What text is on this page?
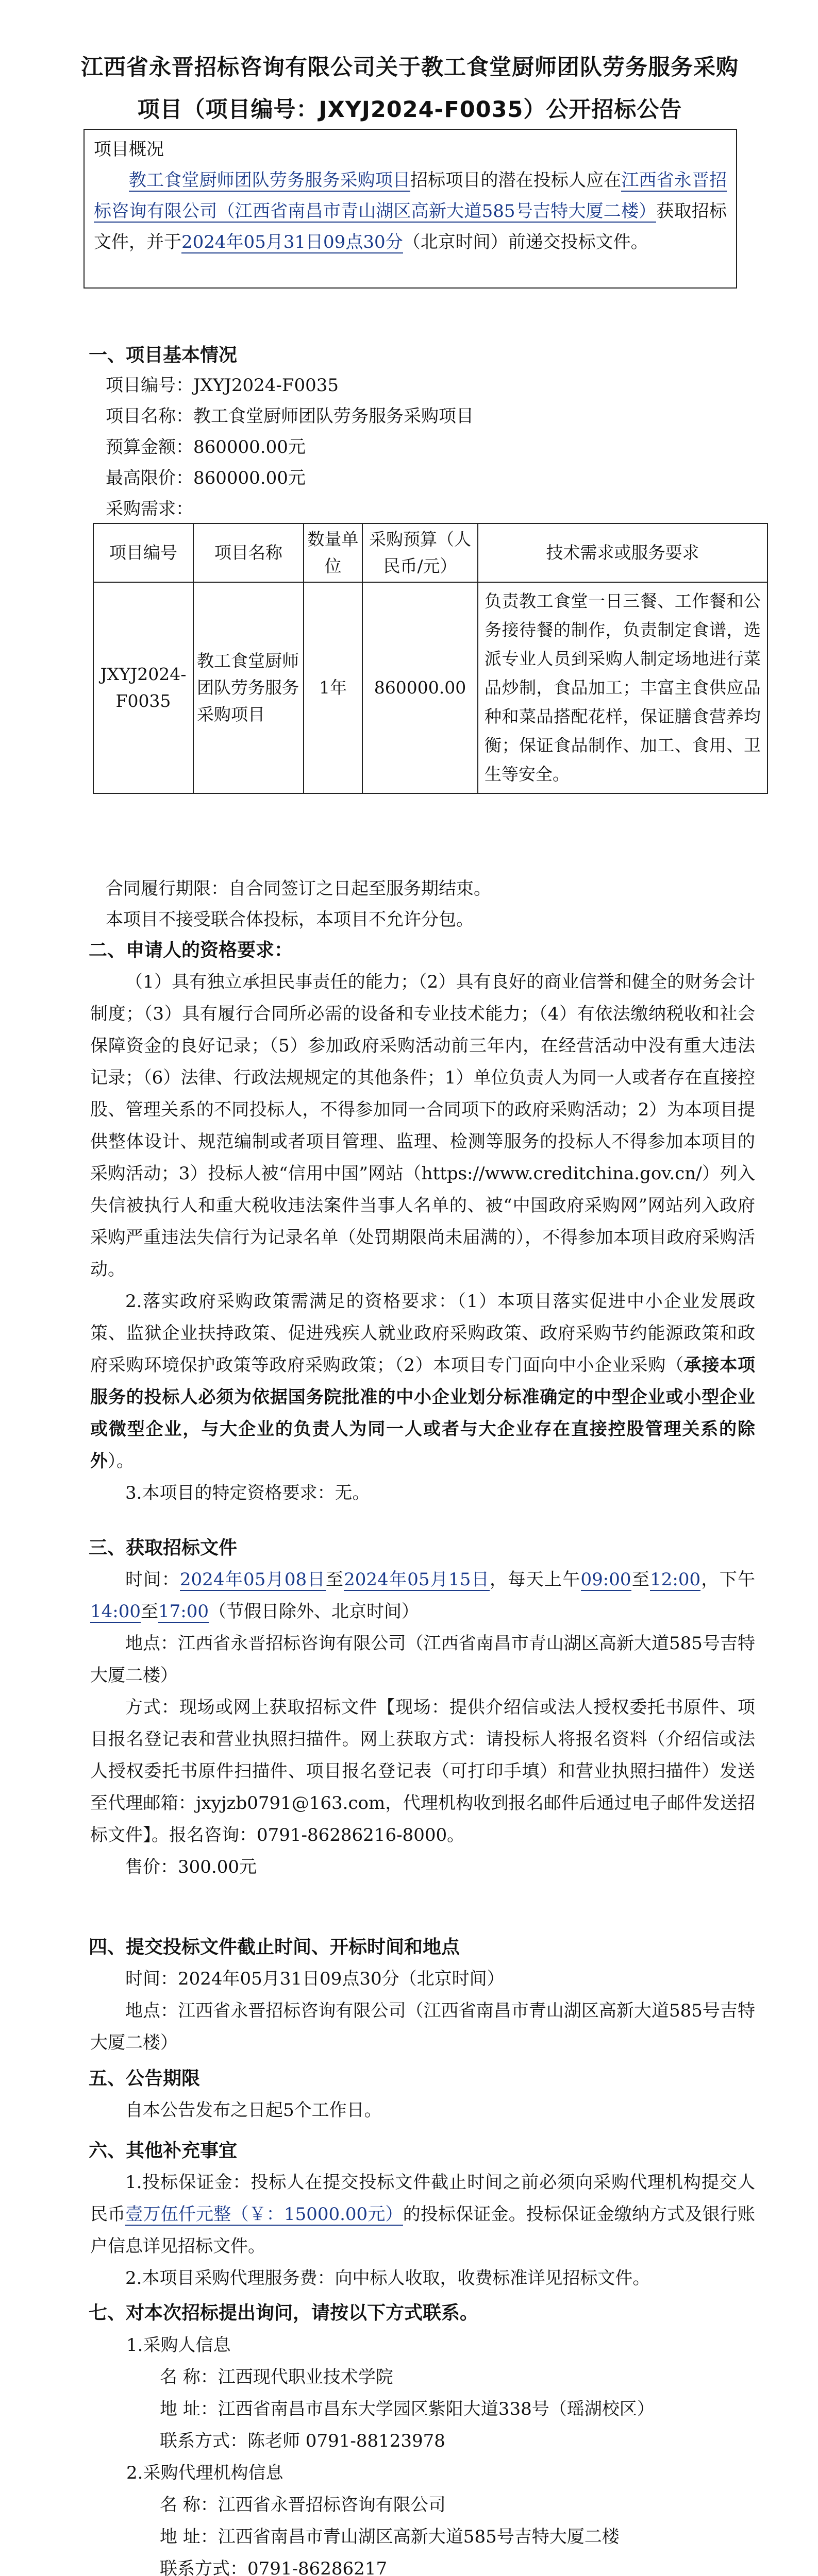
江西省永晋招标咨询有限公司关于教工食堂厨师团队劳务服务采购项目（项目编号：JXYJ2024-F0035）公开招标公告

项目概况

教工食堂厨师团队劳务服务采购项目招标项目的潜在投标人应在江西省永晋招标咨询有限公司（江西省南昌市青山湖区高新大道585号吉特大厦二楼）获取招标文件，并于2024年05月31日09点30分（北京时间）前递交投标文件。

一、项目基本情况
项目编号：JXYJ2024-F0035
项目名称：教工食堂厨师团队劳务服务采购项目
预算金额：860000.00元
最高限价：860000.00元
采购需求：
项目编号	项目名称	数量单位	采购预算（人民币/元）	技术需求或服务要求
JXYJ2024-F0035	教工食堂厨师团队劳务服务采购项目	1年	860000.00	负责教工食堂一日三餐、工作餐和公务接待餐的制作，负责制定食谱，选派专业人员到采购人制定场地进行菜品炒制，食品加工；丰富主食供应品种和菜品搭配花样，保证膳食营养均衡；保证食品制作、加工、食用、卫生等安全。
合同履行期限：自合同签订之日起至服务期结束。
本项目不接受联合体投标，本项目不允许分包。
二、申请人的资格要求：

（1）具有独立承担民事责任的能力；（2）具有良好的商业信誉和健全的财务会计制度；（3）具有履行合同所必需的设备和专业技术能力；（4）有依法缴纳税收和社会保障资金的良好记录；（5）参加政府采购活动前三年内，在经营活动中没有重大违法记录；（6）法律、行政法规规定的其他条件；1）单位负责人为同一人或者存在直接控股、管理关系的不同投标人，不得参加同一合同项下的政府采购活动；2）为本项目提供整体设计、规范编制或者项目管理、监理、检测等服务的投标人不得参加本项目的采购活动；3）投标人被“信用中国”网站（https://www.creditchina.gov.cn/）列入失信被执行人和重大税收违法案件当事人名单的、被“中国政府采购网”网站列入政府采购严重违法失信行为记录名单（处罚期限尚未届满的），不得参加本项目政府采购活动。

2.落实政府采购政策需满足的资格要求：（1）本项目落实促进中小企业发展政策、监狱企业扶持政策、促进残疾人就业政府采购政策、政府采购节约能源政策和政府采购环境保护政策等政府采购政策；（2）本项目专门面向中小企业采购（承接本项服务的投标人必须为依据国务院批准的中小企业划分标准确定的中型企业或小型企业或微型企业，与大企业的负责人为同一人或者与大企业存在直接控股管理关系的除外）。

3.本项目的特定资格要求：无。

三、获取招标文件

时间：2024年05月08日至2024年05月15日，每天上午09:00至12:00，下午14:00至17:00（节假日除外、北京时间）

地点：江西省永晋招标咨询有限公司（江西省南昌市青山湖区高新大道585号吉特大厦二楼）

方式：现场或网上获取招标文件【现场：提供介绍信或法人授权委托书原件、项目报名登记表和营业执照扫描件。网上获取方式：请投标人将报名资料（介绍信或法人授权委托书原件扫描件、项目报名登记表（可打印手填）和营业执照扫描件）发送至代理邮箱：jxyjzb0791@163.com，代理机构收到报名邮件后通过电子邮件发送招标文件】。报名咨询：0791-86286216-8000。

售价：300.00元

四、提交投标文件截止时间、开标时间和地点

时间：2024年05月31日09点30分（北京时间）

地点：江西省永晋招标咨询有限公司（江西省南昌市青山湖区高新大道585号吉特大厦二楼）

五、公告期限

自本公告发布之日起5个工作日。

六、其他补充事宜

1.投标保证金：投标人在提交投标文件截止时间之前必须向采购代理机构提交人民币壹万伍仟元整（￥：15000.00元）的投标保证金。投标保证金缴纳方式及银行账户信息详见招标文件。

2.本项目采购代理服务费：向中标人收取，收费标准详见招标文件。

七、对本次招标提出询问，请按以下方式联系。
1.采购人信息
名 称：江西现代职业技术学院
地 址：江西省南昌市昌东大学园区紫阳大道338号（瑶湖校区）
联系方式：陈老师 0791-88123978
2.采购代理机构信息
名 称：江西省永晋招标咨询有限公司
地 址：江西省南昌市青山湖区高新大道585号吉特大厦二楼
联系方式：0791-86286217
